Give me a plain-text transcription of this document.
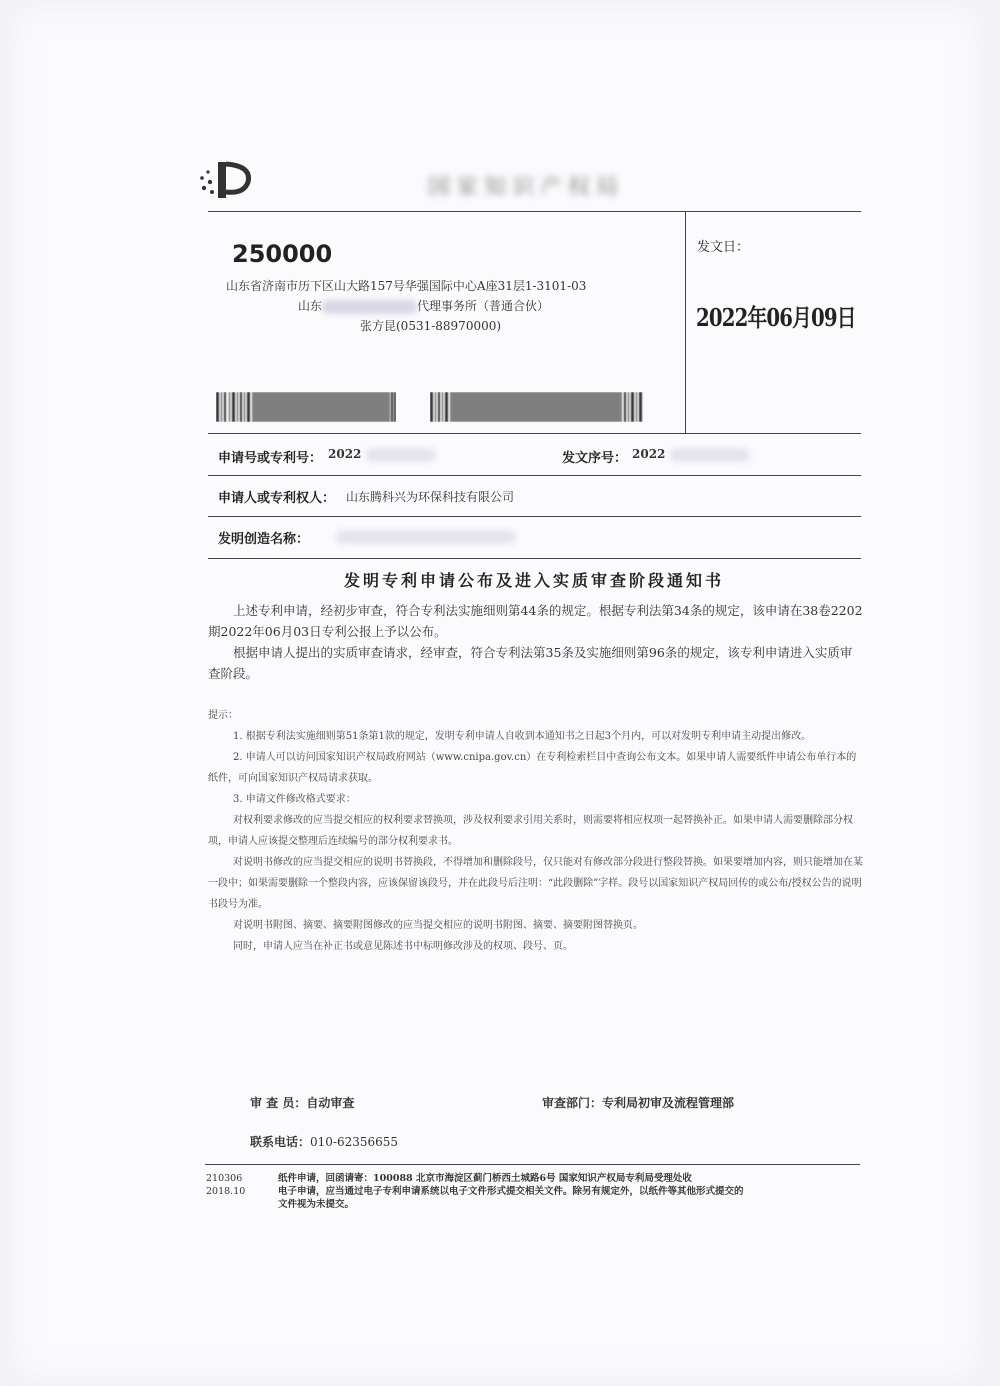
国家知识产权局
250000
山东省济南市历下区山大路157号华强国际中心A座31层1-3101-03
山东	代理事务所（普通合伙）
张方昆(0531-88970000)
发文日：
2022年06月09日
申请号或专利号： 2022	发文序号： 2022
申请人或专利权人： 山东腾科兴为环保科技有限公司
发明创造名称：
发明专利申请公布及进入实质审查阶段通知书

上述专利申请，经初步审查，符合专利法实施细则第44条的规定。根据专利法第34条的规定，该申请在38卷2202期2022年06月03日专利公报上予以公布。

根据申请人提出的实质审查请求，经审查，符合专利法第35条及实施细则第96条的规定，该专利申请进入实质审查阶段。

提示：

1. 根据专利法实施细则第51条第1款的规定，发明专利申请人自收到本通知书之日起3个月内，可以对发明专利申请主动提出修改。

2. 申请人可以访问国家知识产权局政府网站（www.cnipa.gov.cn）在专利检索栏目中查询公布文本。如果申请人需要纸件申请公布单行本的纸件，可向国家知识产权局请求获取。

3. 申请文件修改格式要求：

对权利要求修改的应当提交相应的权利要求替换项，涉及权利要求引用关系时，则需要将相应权项一起替换补正。如果申请人需要删除部分权项，申请人应该提交整理后连续编号的部分权利要求书。

对说明书修改的应当提交相应的说明书替换段，不得增加和删除段号，仅只能对有修改部分段进行整段替换。如果要增加内容，则只能增加在某一段中；如果需要删除一个整段内容，应该保留该段号，并在此段号后注明：“此段删除”字样。段号以国家知识产权局回传的或公布/授权公告的说明书段号为准。

对说明书附图、摘要、摘要附图修改的应当提交相应的说明书附图、摘要、摘要附图替换页。

同时，申请人应当在补正书或意见陈述书中标明修改涉及的权项、段号、页。

审 查 员：自动审查	审查部门：专利局初审及流程管理部
联系电话：010-62356655
210306
2018.10
纸件申请，回函请寄：100088 北京市海淀区蓟门桥西土城路6号 国家知识产权局专利局受理处收
电子申请，应当通过电子专利申请系统以电子文件形式提交相关文件。除另有规定外，以纸件等其他形式提交的
文件视为未提交。
